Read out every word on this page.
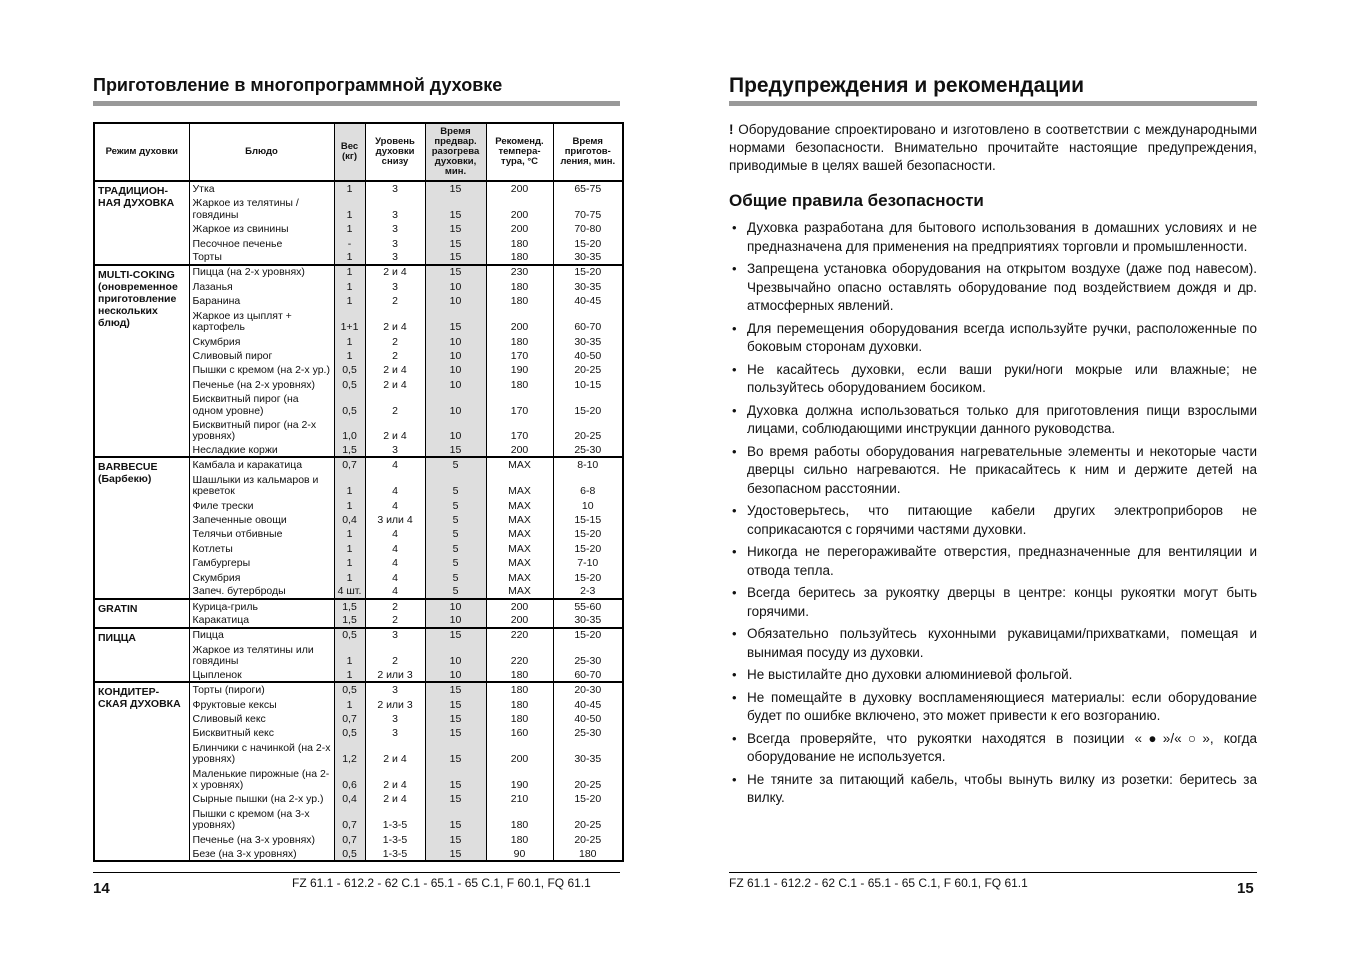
Приготовление в многопрограммной духовке
Режим духовки	Блюдо	Вес (кг)	Уровень духовки снизу	Время предвар. разогрева духовки, мин.	Рекоменд. темпера-тура, °C	Время приготов-ления, мин.
ТРАДИЦИОН-НАЯ ДУХОВКА	Утка	1	3	15	200	65-75
	Жаркое из телятины / говядины	1	3	15	200	70-75
	Жаркое из свинины	1	3	15	200	70-80
	Песочное печенье	-	3	15	180	15-20
	Торты	1	3	15	180	30-35
MULTI-COKING (оновременное приготовление нескольких блюд)	Пицца (на 2-х уровнях)	1	2 и 4	15	230	15-20
	Лазанья	1	3	10	180	30-35
	Баранина	1	2	10	180	40-45
	Жаркое из цыплят + картофель	1+1	2 и 4	15	200	60-70
	Скумбрия	1	2	10	180	30-35
	Сливовый пирог	1	2	10	170	40-50
	Пышки с кремом (на 2-х ур.)	0,5	2 и 4	10	190	20-25
	Печенье (на 2-х уровнях)	0,5	2 и 4	10	180	10-15
	Бисквитный пирог (на одном уровне)	0,5	2	10	170	15-20
	Бисквитный пирог (на 2-х уровнях)	1,0	2 и 4	10	170	20-25
	Несладкие коржи	1,5	3	15	200	25-30
BARBECUE (Барбекю)	Камбала и каракатица	0,7	4	5	MAX	8-10
	Шашлыки из кальмаров и креветок	1	4	5	MAX	6-8
	Филе трески	1	4	5	MAX	10
	Запеченные овощи	0,4	3 или 4	5	MAX	15-15
	Телячьи отбивные	1	4	5	MAX	15-20
	Котлеты	1	4	5	MAX	15-20
	Гамбургеры	1	4	5	MAX	7-10
	Скумбрия	1	4	5	MAX	15-20
	Запеч. бутерброды	4 шт.	4	5	MAX	2-3
GRATIN	Курица-гриль	1,5	2	10	200	55-60
	Каракатица	1,5	2	10	200	30-35
ПИЦЦА	Пицца	0,5	3	15	220	15-20
	Жаркое из телятины или говядины	1	2	10	220	25-30
	Цыпленок	1	2 или 3	10	180	60-70
КОНДИТЕР-СКАЯ ДУХОВКА	Торты (пироги)	0,5	3	15	180	20-30
	Фруктовые кексы	1	2 или 3	15	180	40-45
	Сливовый кекс	0,7	3	15	180	40-50
	Бисквитный кекс	0,5	3	15	160	25-30
	Блинчики с начинкой (на 2-х уровнях)	1,2	2 и 4	15	200	30-35
	Маленькие пирожные (на 2-х уровнях)	0,6	2 и 4	15	190	20-25
	Сырные пышки (на 2-х ур.)	0,4	2 и 4	15	210	15-20
	Пышки с кремом (на 3-х уровнях)	0,7	1-3-5	15	180	20-25
	Печенье (на 3-х уровнях)	0,7	1-3-5	15	180	20-25
	Безе (на 3-х уровнях)	0,5	1-3-5	15	90	180
14	FZ 61.1 - 612.2 - 62 C.1 - 65.1 - 65 C.1, F 60.1, FQ 61.1
Предупреждения и рекомендации
! Оборудование спроектировано и изготовлено в соответствии с международными нормами безопасности. Внимательно прочитайте настоящие предупреждения, приводимые в целях вашей безопасности.
Общие правила безопасности
• Духовка разработана для бытового использования в домашних условиях и не предназначена для применения на предприятиях торговли и промышленности.
• Запрещена установка оборудования на открытом воздухе (даже под навесом). Чрезвычайно опасно оставлять оборудование под воздействием дождя и др. атмосферных явлений.
• Для перемещения оборудования всегда используйте ручки, расположенные по боковым сторонам духовки.
• Не касайтесь духовки, если ваши руки/ноги мокрые или влажные; не пользуйтесь оборудованием босиком.
• Духовка должна использоваться только для приготовления пищи взрослыми лицами, соблюдающими инструкции данного руководства.
• Во время работы оборудования нагревательные элементы и некоторые части дверцы сильно нагреваются. Не прикасайтесь к ним и держите детей на безопасном расстоянии.
• Удостоверьтесь, что питающие кабели других электроприборов не соприкасаются с горячими частями духовки.
• Никогда не перегораживайте отверстия, предназначенные для вентиляции и отвода тепла.
• Всегда беритесь за рукоятку дверцы в центре: концы рукоятки могут быть горячими.
• Обязательно пользуйтесь кухонными рукавицами/прихватками, помещая и вынимая посуду из духовки.
• Не выстилайте дно духовки алюминиевой фольгой.
• Не помещайте в духовку воспламеняющиеся материалы: если оборудование будет по ошибке включено, это может привести к его возгоранию.
• Всегда проверяйте, что рукоятки находятся в позиции «●»/«○», когда оборудование не используется.
• Не тяните за питающий кабель, чтобы вынуть вилку из розетки: беритесь за вилку.
FZ 61.1 - 612.2 - 62 C.1 - 65.1 - 65 C.1, F 60.1, FQ 61.1	15
